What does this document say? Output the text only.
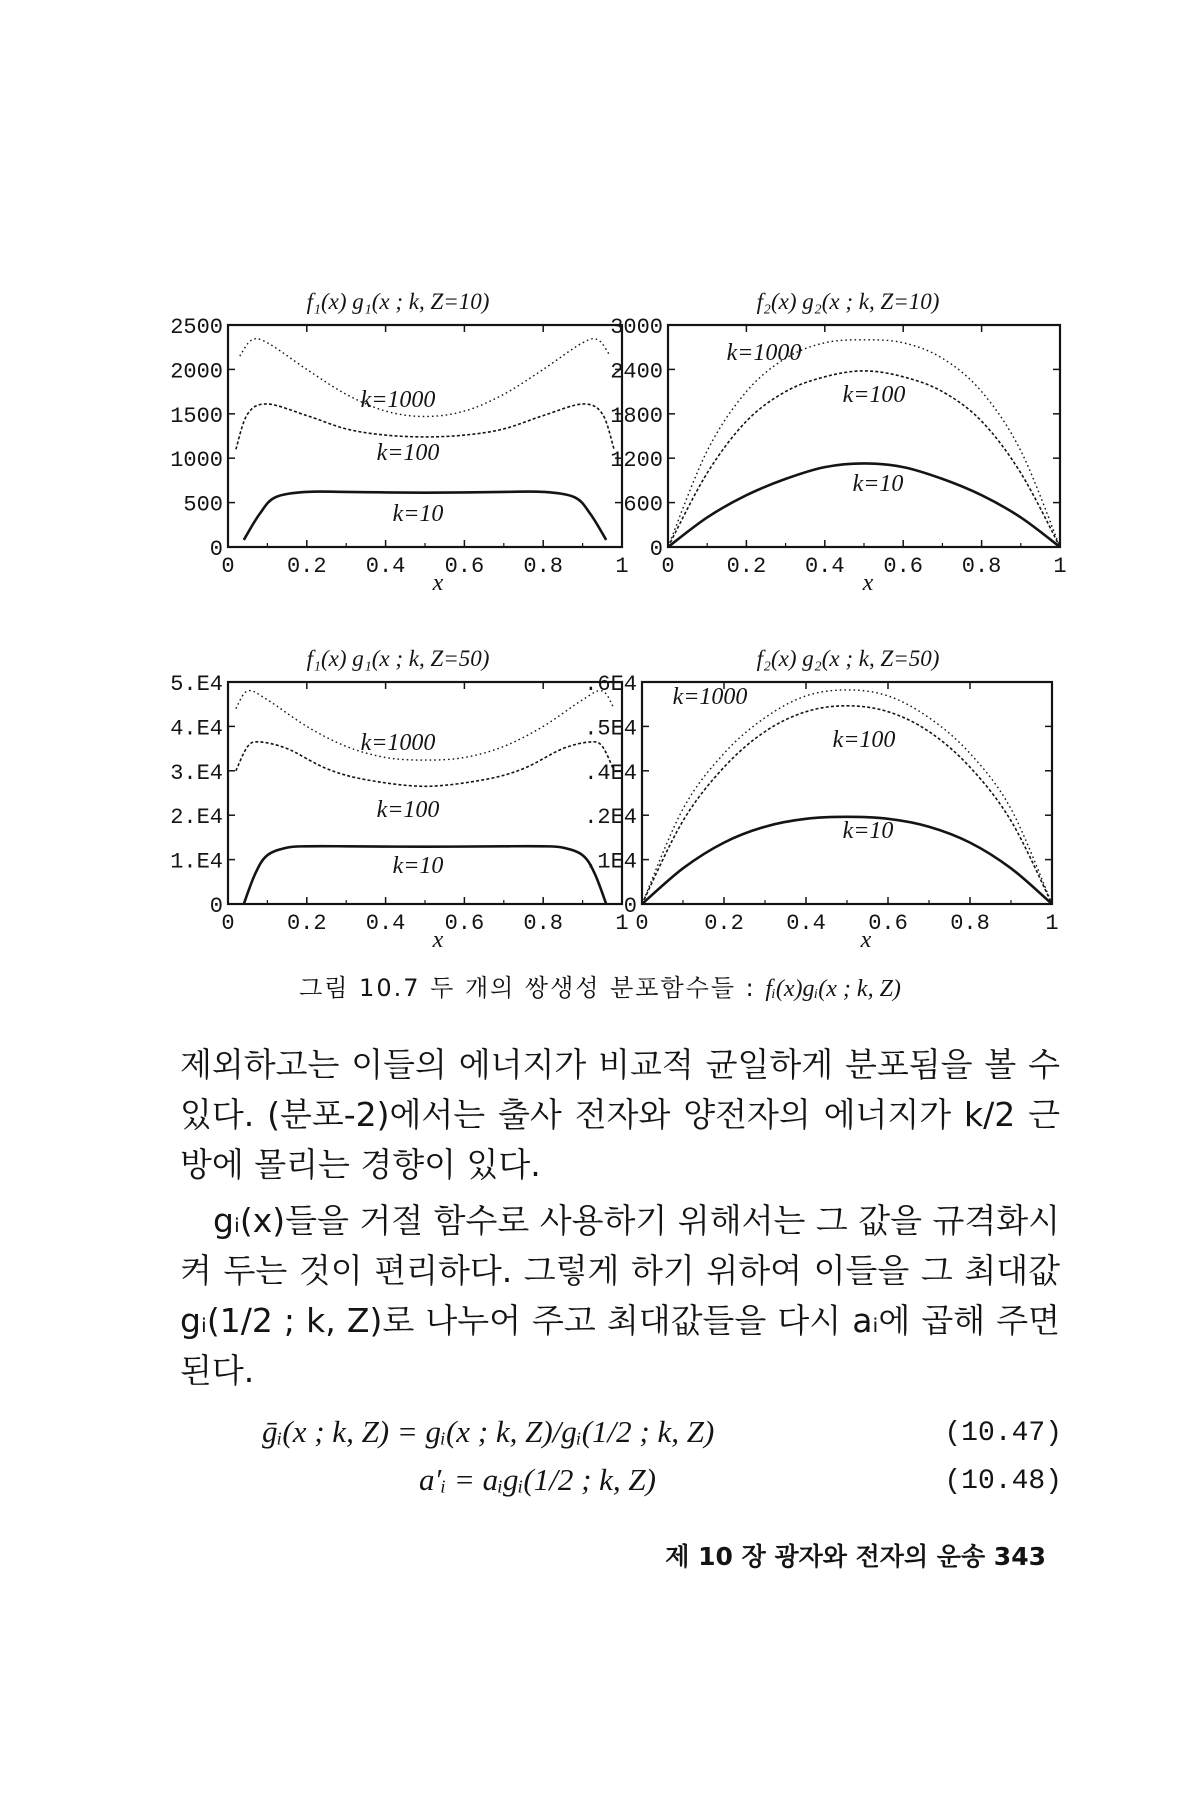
0 0.2 0.4 0.6 0.8 1
0
500
1000
1500
2000
2500
f₁(x) g₁(x ; k, Z=10)
x
k=1000
k=100
k=10
0 0.2 0.4 0.6 0.8 1
0
600
1200
1800
2400
3000
f₂(x) g₂(x ; k, Z=10)
x
k=1000
k=100
k=10
0 0.2 0.4 0.6 0.8 1
0
1.E4
2.E4
3.E4
4.E4
5.E4
f₁(x) g₁(x ; k, Z=50)
x
k=1000
k=100
k=10
0	0.2 0.4 0.6 0.8	1
0
.1E4
.2E4
.4E4
.5E4
.6E4
f₂(x) g₂(x ; k, Z=50)
x
k=1000
k=100
k=10
그림 10.7 두 개의 쌍생성 분포함수들 : fᵢ(x)gᵢ(x ; k, Z)

제외하고는 이들의 에너지가 비교적 균일하게 분포됨을 볼 수 있다. (분포-2)에서는 출사 전자와 양전자의 에너지가 k/2 근방에 몰리는 경향이 있다.

gᵢ(x)들을 거절 함수로 사용하기 위해서는 그 값을 규격화시켜 두는 것이 편리하다. 그렇게 하기 위하여 이들을 그 최대값 gᵢ(1/2 ; k, Z)로 나누어 주고 최대값들을 다시 aᵢ에 곱해 주면 된다.

ḡᵢ(x ; k, Z) = gᵢ(x ; k, Z)/gᵢ(1/2 ; k, Z)	(10.47)
a′ᵢ = aᵢgᵢ(1/2 ; k, Z)	(10.48)
제 10 장 광자와 전자의 운송 343
